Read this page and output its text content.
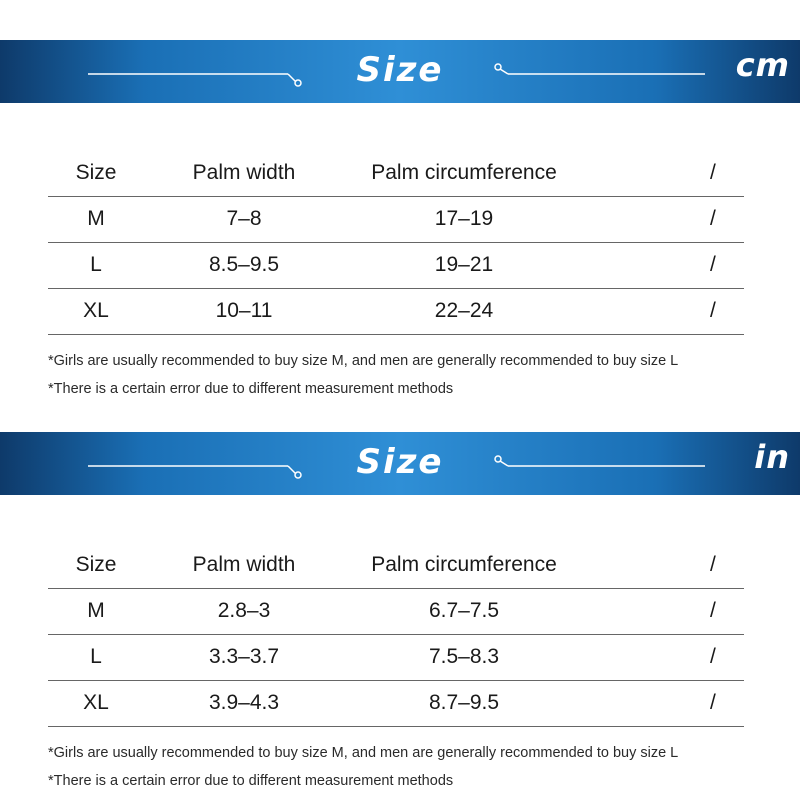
Size	cm
Size	Palm width	Palm circumference	/
M	7–8	17–19	/
L	8.5–9.5	19–21	/
XL	10–11	22–24	/
*Girls are usually recommended to buy size M, and men are generally recommended to buy size L
*There is a certain error due to different measurement methods
Size	in
Size	Palm width	Palm circumference	/
M	2.8–3	6.7–7.5	/
L	3.3–3.7	7.5–8.3	/
XL	3.9–4.3	8.7–9.5	/
*Girls are usually recommended to buy size M, and men are generally recommended to buy size L
*There is a certain error due to different measurement methods
